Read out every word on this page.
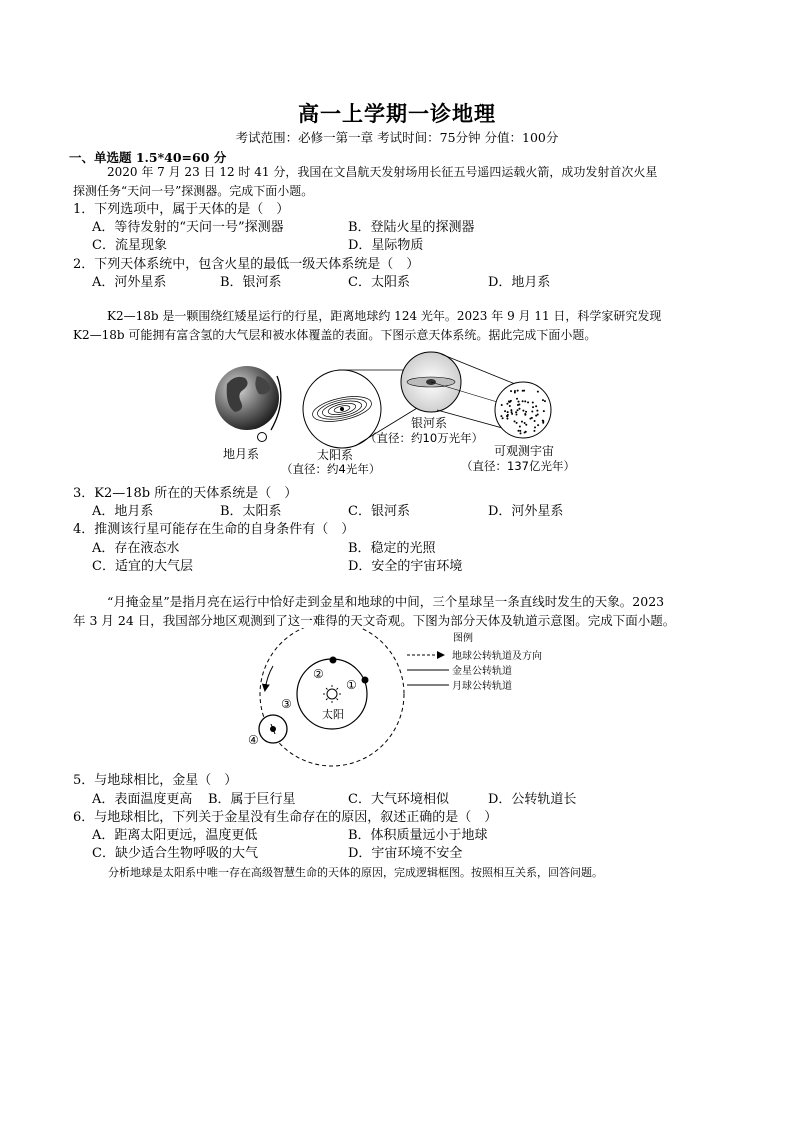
高一上学期一诊地理
考试范围：必修一第一章 考试时间：75分钟 分值：100分
一、单选题 1.5*40=60 分
2020 年 7 月 23 日 12 时 41 分，我国在文昌航天发射场用长征五号遥四运载火箭，成功发射首次火星
探测任务“天问一号”探测器。完成下面小题。
1．下列选项中，属于天体的是（　）
A．等待发射的“天问一号”探测器	B．登陆火星的探测器
C．流星现象	D．星际物质
2．下列天体系统中，包含火星的最低一级天体系统是（　）
A．河外星系	B．银河系	C．太阳系	D．地月系
K2—18b 是一颗围绕红矮星运行的行星，距离地球约 124 光年。2023 年 9 月 11 日，科学家研究发现
K2—18b 可能拥有富含氢的大气层和被水体覆盖的表面。下图示意天体系统。据此完成下面小题。
地月系	太阳系
（直径：约4光年）
银河系
（直径：约10万光年）
可观测宇宙
（直径：137亿光年）
3．K2—18b 所在的天体系统是（　）
A．地月系	B．太阳系	C．银河系	D．河外星系
4．推测该行星可能存在生命的自身条件有（　）
A．存在液态水	B．稳定的光照
C．适宜的大气层	D．安全的宇宙环境
“月掩金星”是指月亮在运行中恰好走到金星和地球的中间，三个星球呈一条直线时发生的天象。2023
年 3 月 24 日，我国部分地区观测到了这一难得的天文奇观。下图为部分天体及轨道示意图。完成下面小题。
太阳
②
①
③
④
图例
地球公转轨道及方向
金星公转轨道
月球公转轨道
5．与地球相比，金星（　）
A．表面温度更高 B．属于巨行星	C．大气环境相似	D．公转轨道长
6．与地球相比，下列关于金星没有生命存在的原因，叙述正确的是（　）
A．距离太阳更远，温度更低	B．体积质量远小于地球
C．缺少适合生物呼吸的大气	D．宇宙环境不安全
分析地球是太阳系中唯一存在高级智慧生命的天体的原因，完成逻辑框图。按照相互关系，回答问题。
